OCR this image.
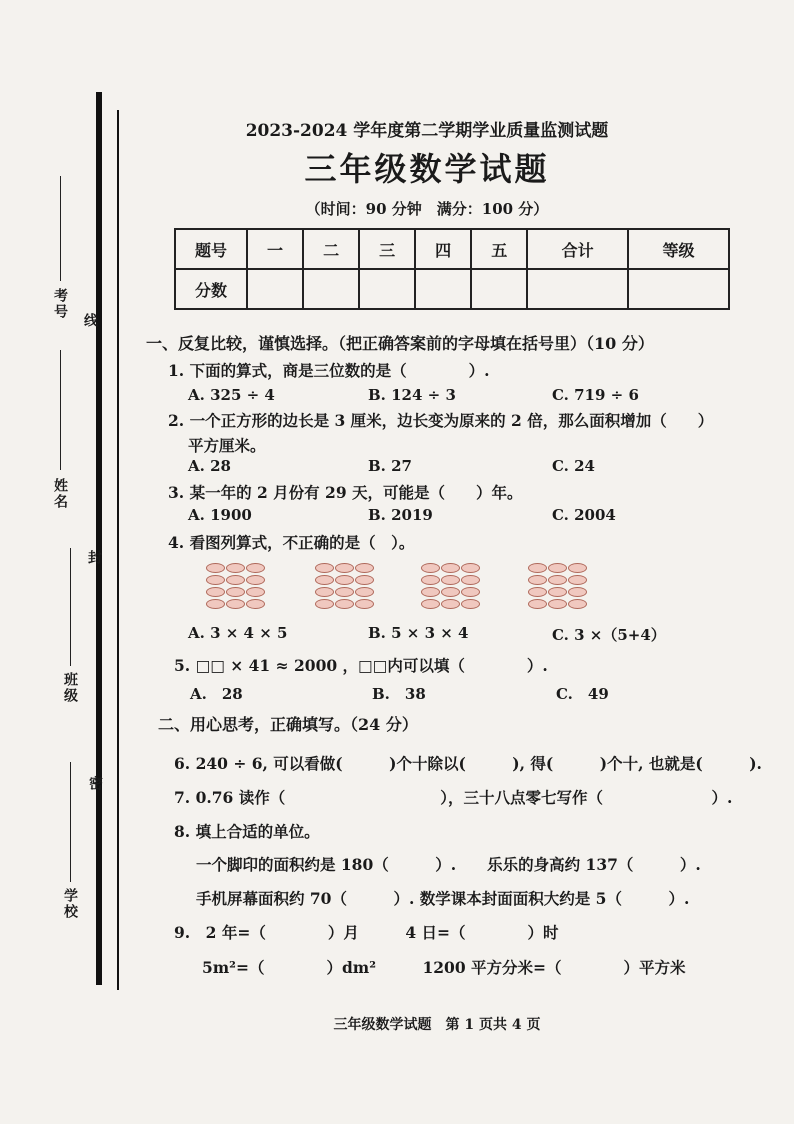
考号
线
姓名
封
班级
密
学校
2023-2024 学年度第二学期学业质量监测试题
三年级数学试题
（时间：90 分钟　满分：100 分）
题号	一	二	三	四	五	合计	等级
分数							
一、反复比较，谨慎选择。（把正确答案前的字母填在括号里）（10 分）
1. 下面的算式，商是三位数的是（　　　　）.
A. 325 ÷ 4	B. 124 ÷ 3	C. 719 ÷ 6
2. 一个正方形的边长是 3 厘米，边长变为原来的 2 倍，那么面积增加（　　）
平方厘米。
A. 28	B. 27	C. 24
3. 某一年的 2 月份有 29 天，可能是（　　）年。
A. 1900	B. 2019	C. 2004
4. 看图列算式，不正确的是（　）。
A. 3 × 4 × 5	B. 5 × 3 × 4	C. 3 ×（5+4）
5. □□ × 41 ≈ 2000 ，□□内可以填（　　　　）.
A.　28	B.　38	C.　49
二、用心思考，正确填写。（24 分）
6. 240 ÷ 6, 可以看做(　　　)个十除以(　　　), 得(　　　)个十, 也就是(　　　).
7. 0.76 读作（　　　　　　　　　　），三十八点零七写作（　　　　　　　）.
8. 填上合适的单位。
一个脚印的面积约是 180（　　　）.　　乐乐的身高约 137（　　　）.
手机屏幕面积约 70（　　　）. 数学课本封面面积大约是 5（　　　）.
9.　2 年=（　　　　）月　　　4 日=（　　　　）时
5m²=（　　　　）dm²　　　1200 平方分米=（　　　　）平方米
三年级数学试题　第 1 页共 4 页
